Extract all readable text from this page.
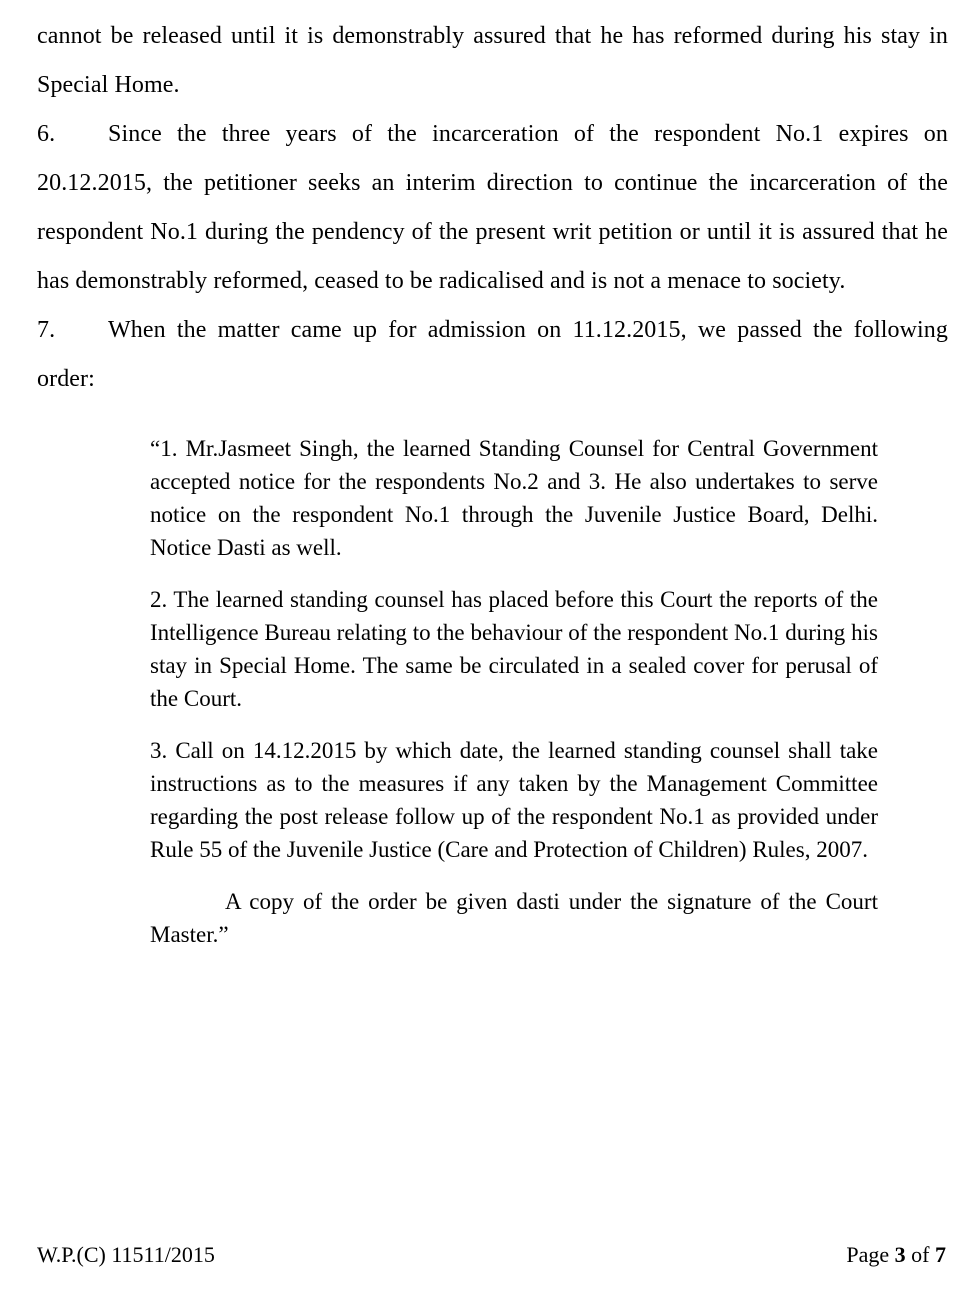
cannot be released until it is demonstrably assured that he has reformed during his stay in Special Home.

6. Since the three years of the incarceration of the respondent No.1 expires on 20.12.2015, the petitioner seeks an interim direction to continue the incarceration of the respondent No.1 during the pendency of the present writ petition or until it is assured that he has demonstrably reformed, ceased to be radicalised and is not a menace to society.

7. When the matter came up for admission on 11.12.2015, we passed the following order:

“1. Mr.Jasmeet Singh, the learned Standing Counsel for Central Government accepted notice for the respondents No.2 and 3. He also undertakes to serve notice on the respondent No.1 through the Juvenile Justice Board, Delhi. Notice Dasti as well.

2. The learned standing counsel has placed before this Court the reports of the Intelligence Bureau relating to the behaviour of the respondent No.1 during his stay in Special Home. The same be circulated in a sealed cover for perusal of the Court.

3. Call on 14.12.2015 by which date, the learned standing counsel shall take instructions as to the measures if any taken by the Management Committee regarding the post release follow up of the respondent No.1 as provided under Rule 55 of the Juvenile Justice (Care and Protection of Children) Rules, 2007.

A copy of the order be given dasti under the signature of the Court Master.”

W.P.(C) 11511/2015	Page 3 of 7
